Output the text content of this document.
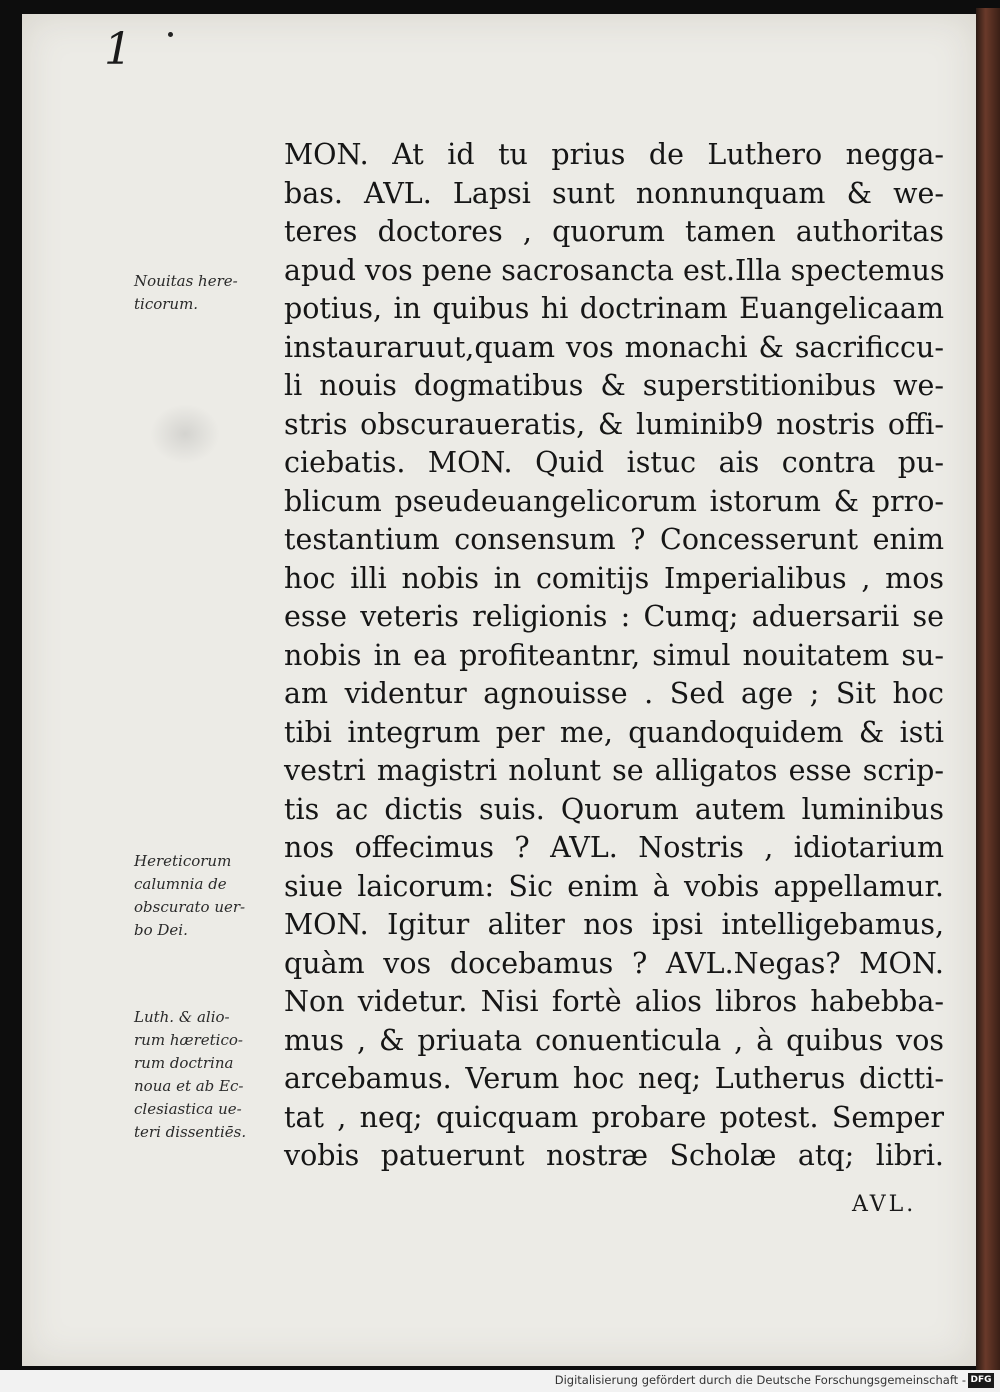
1
MON. At id tu prius de Luthero negga-
bas. AVL. Lapsi sunt nonnunquam & we-
teres doctores , quorum tamen authoritas
apud vos pene sacrosancta est.Illa spectemus
potius, in quibus hi doctrinam Euangelicaam
instauraruut,quam vos monachi & sacrificcu-
li nouis dogmatibus & superstitionibus we-
stris obscuraueratis, & luminib9 nostris offi-
ciebatis. MON. Quid istuc ais contra pu-
blicum pseudeuangelicorum istorum & prro-
testantium consensum ? Concesserunt enim
hoc illi nobis in comitijs Imperialibus , mos
esse veteris religionis : Cumq; aduersarii se
nobis in ea profiteantnr, simul nouitatem su-
am videntur agnouisse . Sed age ; Sit hoc
tibi integrum per me, quandoquidem & isti
vestri magistri nolunt se alligatos esse scrip-
tis ac dictis suis. Quorum autem luminibus
nos offecimus ? AVL. Nostris , idiotarium
siue laicorum: Sic enim à vobis appellamur.
MON. Igitur aliter nos ipsi intelligebamus,
quàm vos docebamus ? AVL.Negas? MON.
Non videtur. Nisi fortè alios libros habebba-
mus , & priuata conuenticula , à quibus vos
arcebamus. Verum hoc neq; Lutherus dictti-
tat , neq; quicquam probare potest. Semper
vobis patuerunt nostræ Scholæ atq; libri.
AVL.
Nouitas here-
ticorum.
Hereticorum
calumnia de
obscurato uer-
bo Dei.
Luth. & alio-
rum hæretico-
rum doctrina
noua et ab Ec-
clesiastica ue-
teri dissentiēs.
Digitalisierung gefördert durch die Deutsche Forschungsgemeinschaft - DFG
